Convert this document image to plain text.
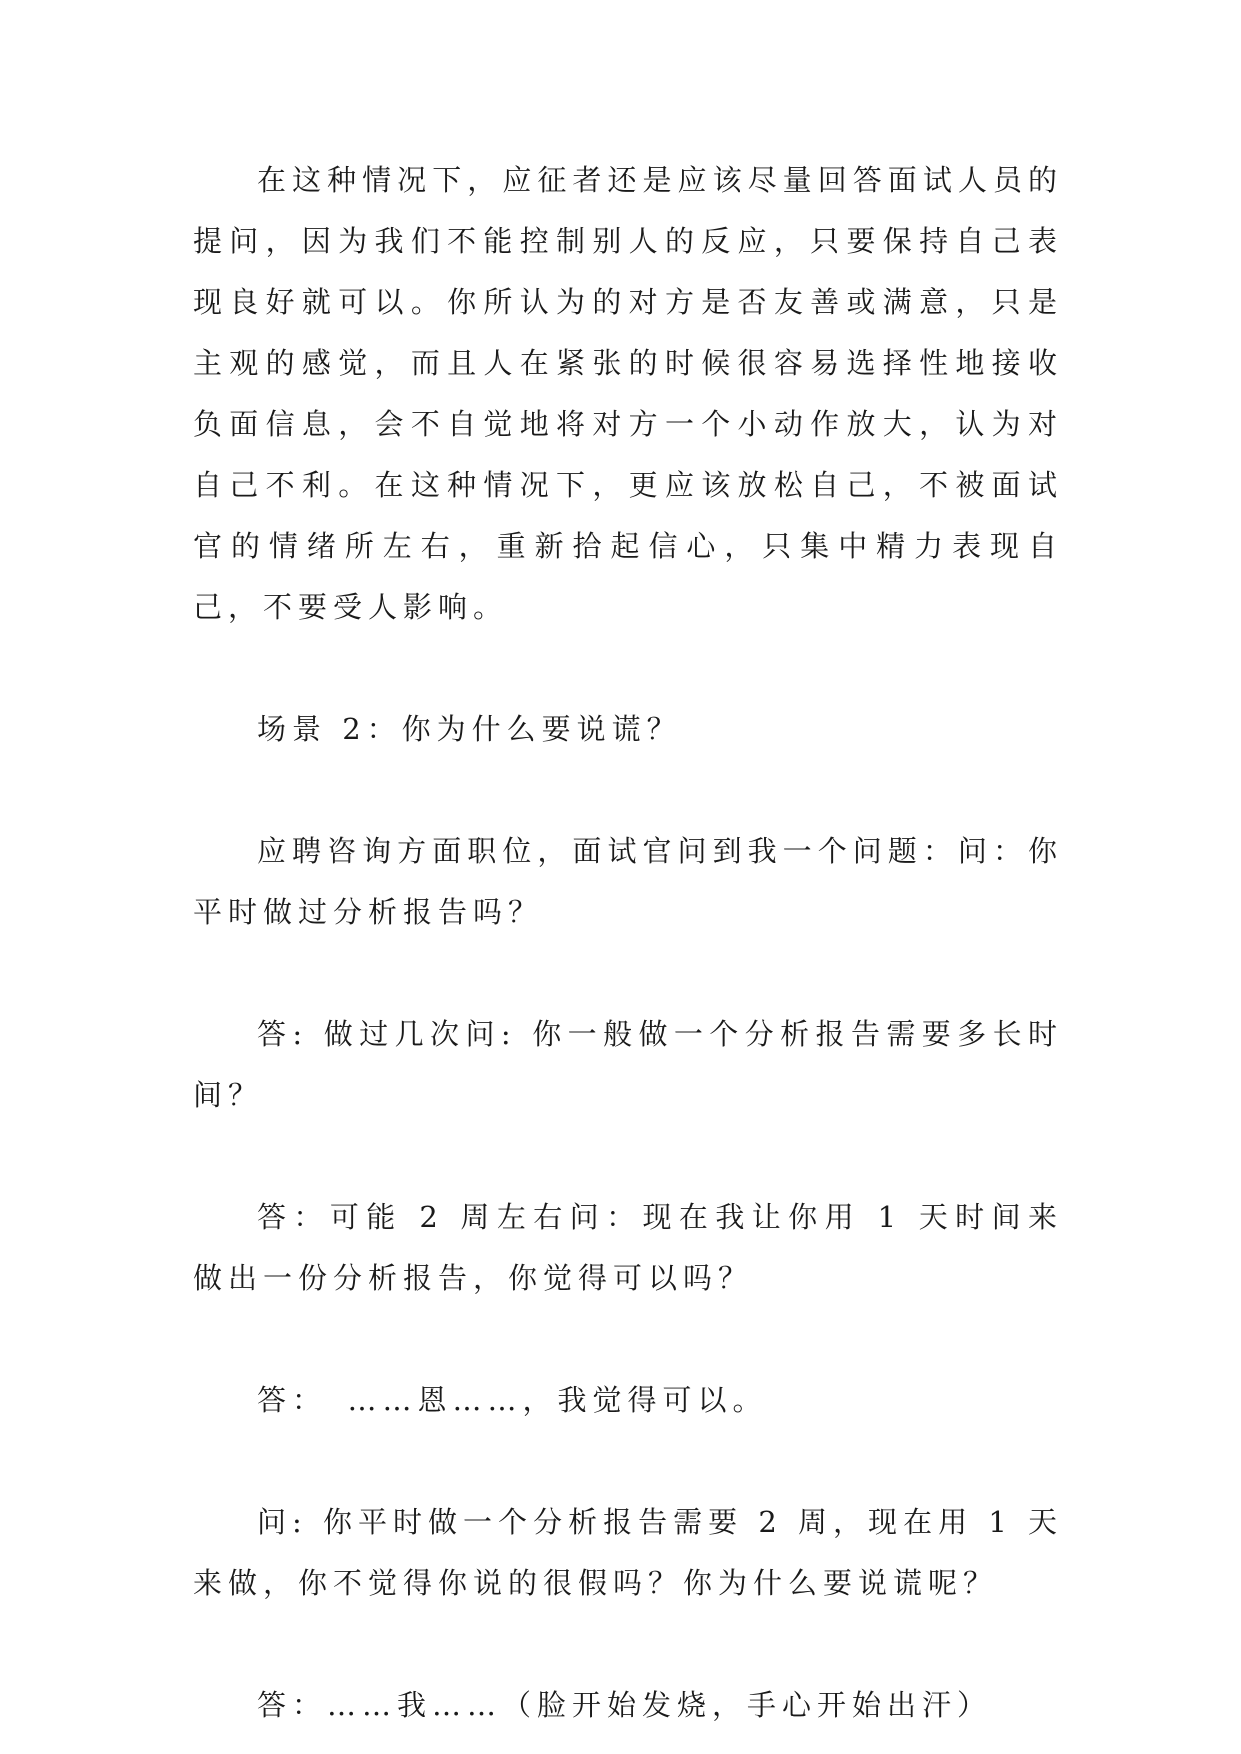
在这种情况下，应征者还是应该尽量回答面试人员的提问，因为我们不能控制别人的反应，只要保持自己表现良好就可以。你所认为的对方是否友善或满意，只是主观的感觉，而且人在紧张的时候很容易选择性地接收负面信息，会不自觉地将对方一个小动作放大，认为对自己不利。在这种情况下，更应该放松自己，不被面试官的情绪所左右，重新拾起信心，只集中精力表现自己，不要受人影响。

场景 2：你为什么要说谎？

应聘咨询方面职位，面试官问到我一个问题：问：你平时做过分析报告吗？

答: 做过几次问: 你一般做一个分析报告需要多长时间？

答：可能 2 周左右问：现在我让你用 1 天时间来做出一份分析报告，你觉得可以吗？

答：　……恩……，我觉得可以。

问: 你平时做一个分析报告需要 2 周，现在用 1 天来做，你不觉得你说的很假吗？你为什么要说谎呢？

答：……我……（脸开始发烧，手心开始出汗）
